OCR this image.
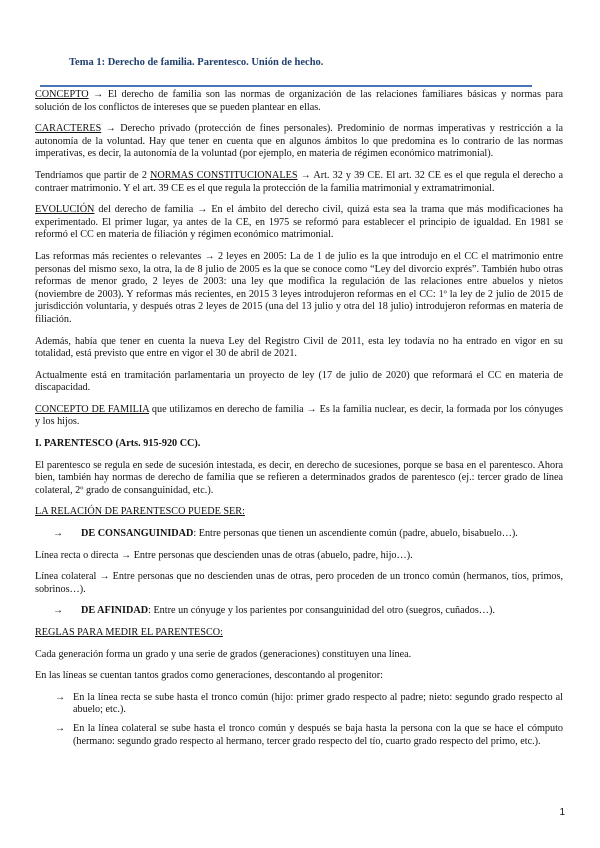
Tema 1: Derecho de familia. Parentesco. Unión de hecho.

CONCEPTO → El derecho de familia son las normas de organización de las relaciones familiares básicas y normas para solución de los conflictos de intereses que se pueden plantear en ellas.

CARACTERES → Derecho privado (protección de fines personales). Predominio de normas imperativas y restricción a la autonomía de la voluntad. Hay que tener en cuenta que en algunos ámbitos lo que predomina es lo contrario de las normas imperativas, es decir, la autonomía de la voluntad (por ejemplo, en materia de régimen económico matrimonial).

Tendríamos que partir de 2 NORMAS CONSTITUCIONALES → Art. 32 y 39 CE. El art. 32 CE es el que regula el derecho a contraer matrimonio. Y el art. 39 CE es el que regula la protección de la familia matrimonial y extramatrimonial.

EVOLUCIÓN del derecho de familia → En el ámbito del derecho civil, quizá esta sea la trama que más modificaciones ha experimentado. El primer lugar, ya antes de la CE, en 1975 se reformó para establecer el principio de igualdad. En 1981 se reformó el CC en materia de filiación y régimen económico matrimonial.

Las reformas más recientes o relevantes → 2 leyes en 2005: La de 1 de julio es la que introdujo en el CC el matrimonio entre personas del mismo sexo, la otra, la de 8 julio de 2005 es la que se conoce como “Ley del divorcio exprés”. También hubo otras reformas de menor grado, 2 leyes de 2003: una ley que modifica la regulación de las relaciones entre abuelos y nietos (noviembre de 2003). Y reformas más recientes, en 2015 3 leyes introdujeron reformas en el CC: 1º la ley de 2 julio de 2015 de jurisdicción voluntaria, y después otras 2 leyes de 2015 (una del 13 julio y otra del 18 julio) introdujeron reformas en materia de filiación.

Además, había que tener en cuenta la nueva Ley del Registro Civil de 2011, esta ley todavía no ha entrado en vigor en su totalidad, está previsto que entre en vigor el 30 de abril de 2021.

Actualmente está en tramitación parlamentaria un proyecto de ley (17 de julio de 2020) que reformará el CC en materia de discapacidad.

CONCEPTO DE FAMILIA que utilizamos en derecho de familia → Es la familia nuclear, es decir, la formada por los cónyuges y los hijos.

I. PARENTESCO (Arts. 915-920 CC).

El parentesco se regula en sede de sucesión intestada, es decir, en derecho de sucesiones, porque se basa en el parentesco. Ahora bien, también hay normas de derecho de familia que se refieren a determinados grados de parentesco (ej.: tercer grado de línea colateral, 2º grado de consanguinidad, etc.).

LA RELACIÓN DE PARENTESCO PUEDE SER:

→ DE CONSANGUINIDAD: Entre personas que tienen un ascendiente común (padre, abuelo, bisabuelo…).

Línea recta o directa → Entre personas que descienden unas de otras (abuelo, padre, hijo…).

Línea colateral → Entre personas que no descienden unas de otras, pero proceden de un tronco común (hermanos, tíos, primos, sobrinos…).

→ DE AFINIDAD: Entre un cónyuge y los parientes por consanguinidad del otro (suegros, cuñados…).

REGLAS PARA MEDIR EL PARENTESCO:

Cada generación forma un grado y una serie de grados (generaciones) constituyen una línea.

En las líneas se cuentan tantos grados como generaciones, descontando al progenitor:

→ En la línea recta se sube hasta el tronco común (hijo: primer grado respecto al padre; nieto: segundo grado respecto al abuelo; etc.).
→ En la línea colateral se sube hasta el tronco común y después se baja hasta la persona con la que se hace el cómputo (hermano: segundo grado respecto al hermano, tercer grado respecto del tío, cuarto grado respecto del primo, etc.).
1
